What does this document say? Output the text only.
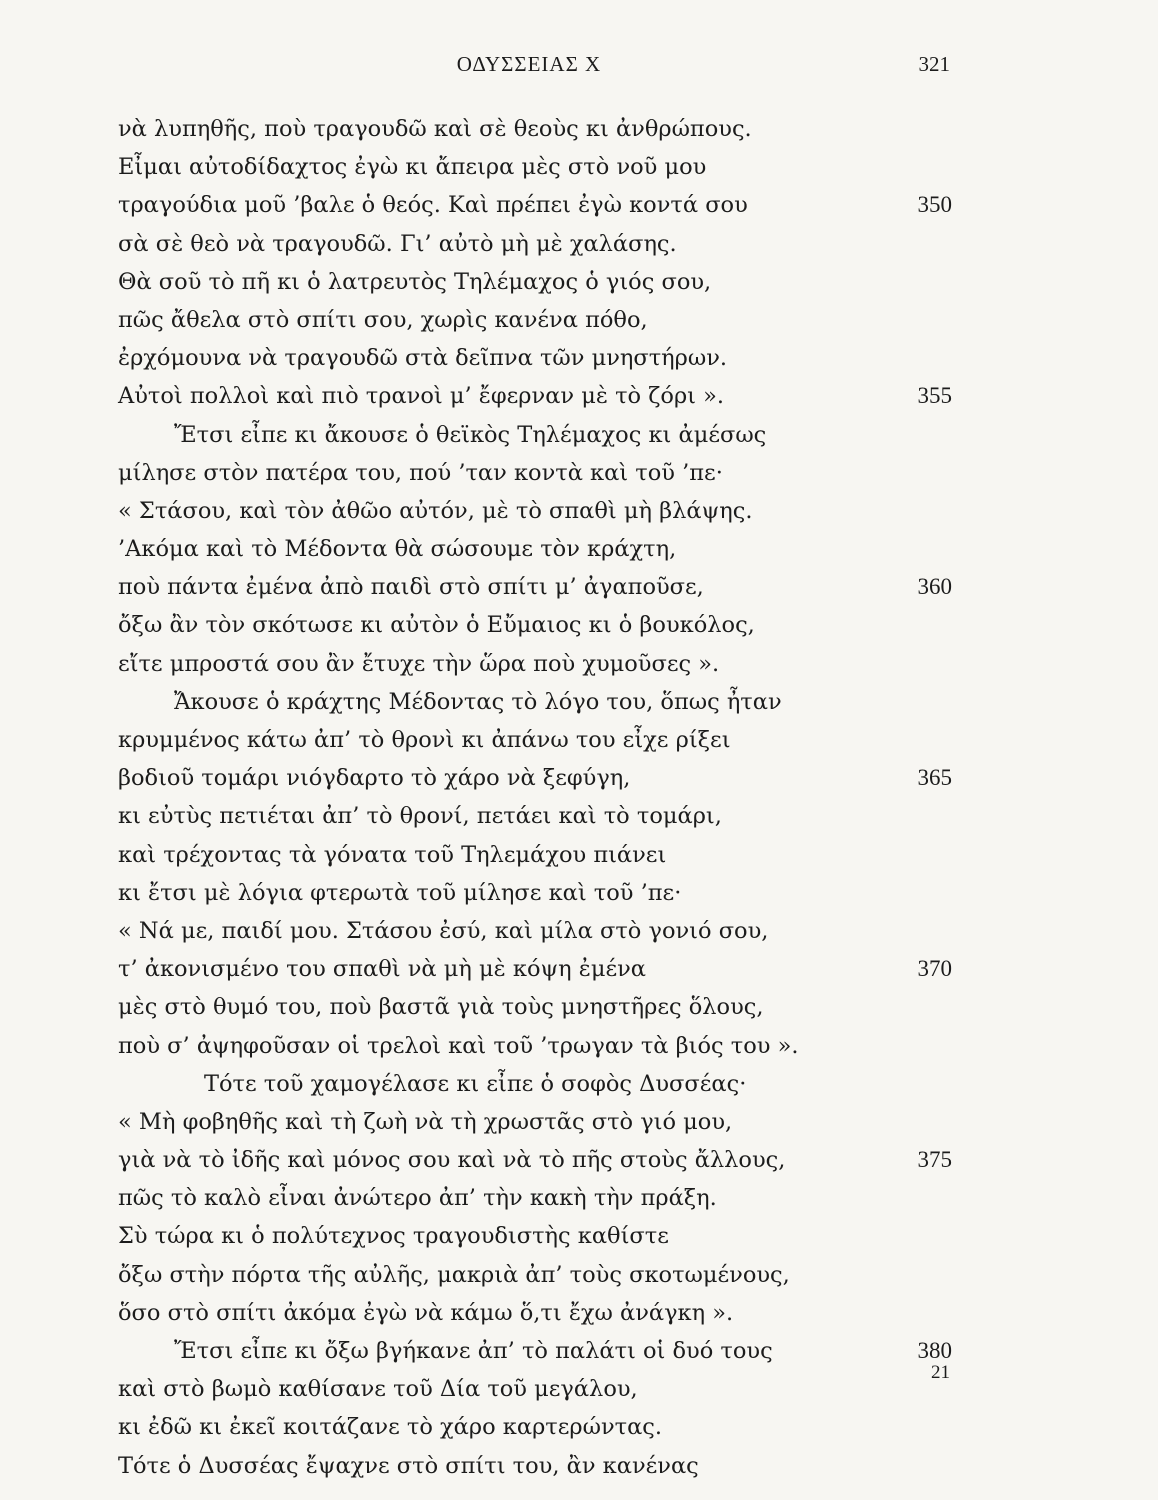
ΟΔΥΣΣΕΙΑΣ Χ	321
νὰ λυπηθῆς, ποὺ τραγουδῶ καὶ σὲ θεοὺς κι ἀνθρώπους.
Εἶμαι αὐτοδίδαχτος ἐγὼ κι ἄπειρα μὲς στὸ νοῦ μου
τραγούδια μοῦ ’βαλε ὁ θεός. Καὶ πρέπει ἐγὼ κοντά σου	350
σὰ σὲ θεὸ νὰ τραγουδῶ. Γι’ αὐτὸ μὴ μὲ χαλάσης.
Θὰ σοῦ τὸ πῆ κι ὁ λατρευτὸς Τηλέμαχος ὁ γιός σου,
πῶς ἄθελα στὸ σπίτι σου, χωρὶς κανένα πόθο,
ἐρχόμουνα νὰ τραγουδῶ στὰ δεῖπνα τῶν μνηστήρων.
Αὐτοὶ πολλοὶ καὶ πιὸ τρανοὶ μ’ ἔφερναν μὲ τὸ ζόρι ».	355
Ἔτσι εἶπε κι ἄκουσε ὁ θεϊκὸς Τηλέμαχος κι ἀμέσως
μίλησε στὸν πατέρα του, πού ’ταν κοντὰ καὶ τοῦ ’πε·
« Στάσου, καὶ τὸν ἀθῶο αὐτόν, μὲ τὸ σπαθὶ μὴ βλάψης.
’Ακόμα καὶ τὸ Μέδοντα θὰ σώσουμε τὸν κράχτη,
ποὺ πάντα ἐμένα ἀπὸ παιδὶ στὸ σπίτι μ’ ἀγαποῦσε,	360
ὄξω ἂν τὸν σκότωσε κι αὐτὸν ὁ Εὔμαιος κι ὁ βουκόλος,
εἴτε μπροστά σου ἂν ἔτυχε τὴν ὥρα ποὺ χυμοῦσες ».
Ἄκουσε ὁ κράχτης Μέδοντας τὸ λόγο του, ὅπως ἦταν
κρυμμένος κάτω ἀπ’ τὸ θρονὶ κι ἀπάνω του εἶχε ρίξει
βοδιοῦ τομάρι νιόγδαρτο τὸ χάρο νὰ ξεφύγη,	365
κι εὐτὺς πετιέται ἀπ’ τὸ θρονί, πετάει καὶ τὸ τομάρι,
καὶ τρέχοντας τὰ γόνατα τοῦ Τηλεμάχου πιάνει
κι ἔτσι μὲ λόγια φτερωτὰ τοῦ μίλησε καὶ τοῦ ’πε·
« Νά με, παιδί μου. Στάσου ἐσύ, καὶ μίλα στὸ γονιό σου,
τ’ ἀκονισμένο του σπαθὶ νὰ μὴ μὲ κόψη ἐμένα	370
μὲς στὸ θυμό του, ποὺ βαστᾶ γιὰ τοὺς μνηστῆρες ὅλους,
ποὺ σ’ ἀψηφοῦσαν οἱ τρελοὶ καὶ τοῦ ’τρωγαν τὰ βιός του ».
Τότε τοῦ χαμογέλασε κι εἶπε ὁ σοφὸς Δυσσέας·
« Μὴ φοβηθῆς καὶ τὴ ζωὴ νὰ τὴ χρωστᾶς στὸ γιό μου,
γιὰ νὰ τὸ ἰδῆς καὶ μόνος σου καὶ νὰ τὸ πῆς στοὺς ἄλλους,	375
πῶς τὸ καλὸ εἶναι ἀνώτερο ἀπ’ τὴν κακὴ τὴν πράξη.
Σὺ τώρα κι ὁ πολύτεχνος τραγουδιστὴς καθίστε
ὄξω στὴν πόρτα τῆς αὐλῆς, μακριὰ ἀπ’ τοὺς σκοτωμένους,
ὅσο στὸ σπίτι ἀκόμα ἐγὼ νὰ κάμω ὅ,τι ἔχω ἀνάγκη ».
Ἔτσι εἶπε κι ὄξω βγήκανε ἀπ’ τὸ παλάτι οἱ δυό τους	380
καὶ στὸ βωμὸ καθίσανε τοῦ Δία τοῦ μεγάλου,
κι ἐδῶ κι ἐκεῖ κοιτάζανε τὸ χάρο καρτερώντας.
Τότε ὁ Δυσσέας ἔψαχνε στὸ σπίτι του, ἂν κανένας
21
